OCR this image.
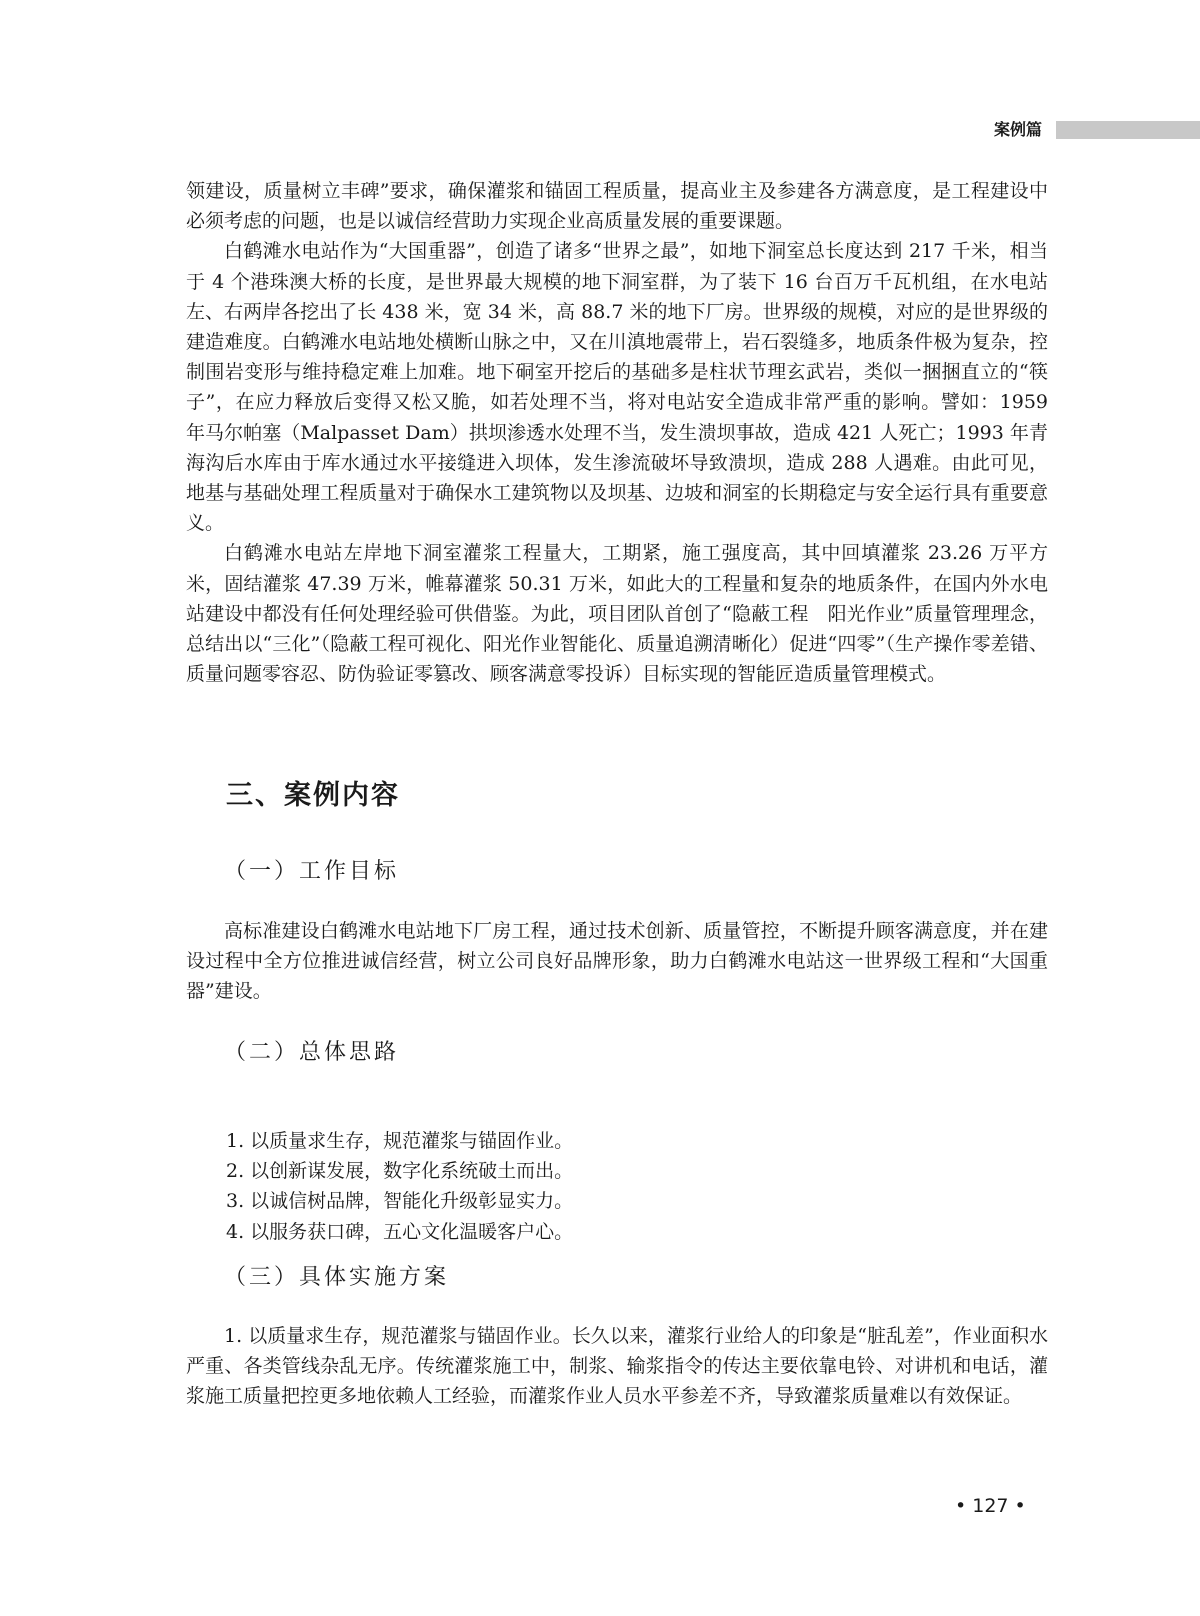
案例篇

领建设，质量树立丰碑”要求，确保灌浆和锚固工程质量，提高业主及参建各方满意度，是工程建设中必须考虑的问题，也是以诚信经营助力实现企业高质量发展的重要课题。

白鹤滩水电站作为“大国重器”，创造了诸多“世界之最”，如地下洞室总长度达到 217 千米，相当于 4 个港珠澳大桥的长度，是世界最大规模的地下洞室群，为了装下 16 台百万千瓦机组，在水电站左、右两岸各挖出了长 438 米，宽 34 米，高 88.7 米的地下厂房。世界级的规模，对应的是世界级的建造难度。白鹤滩水电站地处横断山脉之中，又在川滇地震带上，岩石裂缝多，地质条件极为复杂，控制围岩变形与维持稳定难上加难。地下硐室开挖后的基础多是柱状节理玄武岩，类似一捆捆直立的“筷子”，在应力释放后变得又松又脆，如若处理不当，将对电站安全造成非常严重的影响。譬如：1959 年马尔帕塞（Malpasset Dam）拱坝渗透水处理不当，发生溃坝事故，造成 421 人死亡；1993 年青海沟后水库由于库水通过水平接缝进入坝体，发生渗流破坏导致溃坝，造成 288 人遇难。由此可见，地基与基础处理工程质量对于确保水工建筑物以及坝基、边坡和洞室的长期稳定与安全运行具有重要意义。

白鹤滩水电站左岸地下洞室灌浆工程量大，工期紧，施工强度高，其中回填灌浆 23.26 万平方米，固结灌浆 47.39 万米，帷幕灌浆 50.31 万米，如此大的工程量和复杂的地质条件，在国内外水电站建设中都没有任何处理经验可供借鉴。为此，项目团队首创了“隐蔽工程　阳光作业”质量管理理念，总结出以“三化”（隐蔽工程可视化、阳光作业智能化、质量追溯清晰化）促进“四零”（生产操作零差错、质量问题零容忍、防伪验证零篡改、顾客满意零投诉）目标实现的智能匠造质量管理模式。

三、案例内容
（一）工作目标

高标准建设白鹤滩水电站地下厂房工程，通过技术创新、质量管控，不断提升顾客满意度，并在建设过程中全方位推进诚信经营，树立公司良好品牌形象，助力白鹤滩水电站这一世界级工程和“大国重器”建设。

（二）总体思路
1. 以质量求生存，规范灌浆与锚固作业。
2. 以创新谋发展，数字化系统破土而出。
3. 以诚信树品牌，智能化升级彰显实力。
4. 以服务获口碑，五心文化温暖客户心。
（三）具体实施方案

1. 以质量求生存，规范灌浆与锚固作业。长久以来，灌浆行业给人的印象是“脏乱差”，作业面积水严重、各类管线杂乱无序。传统灌浆施工中，制浆、输浆指令的传达主要依靠电铃、对讲机和电话，灌浆施工质量把控更多地依赖人工经验，而灌浆作业人员水平参差不齐，导致灌浆质量难以有效保证。

• 127 •
